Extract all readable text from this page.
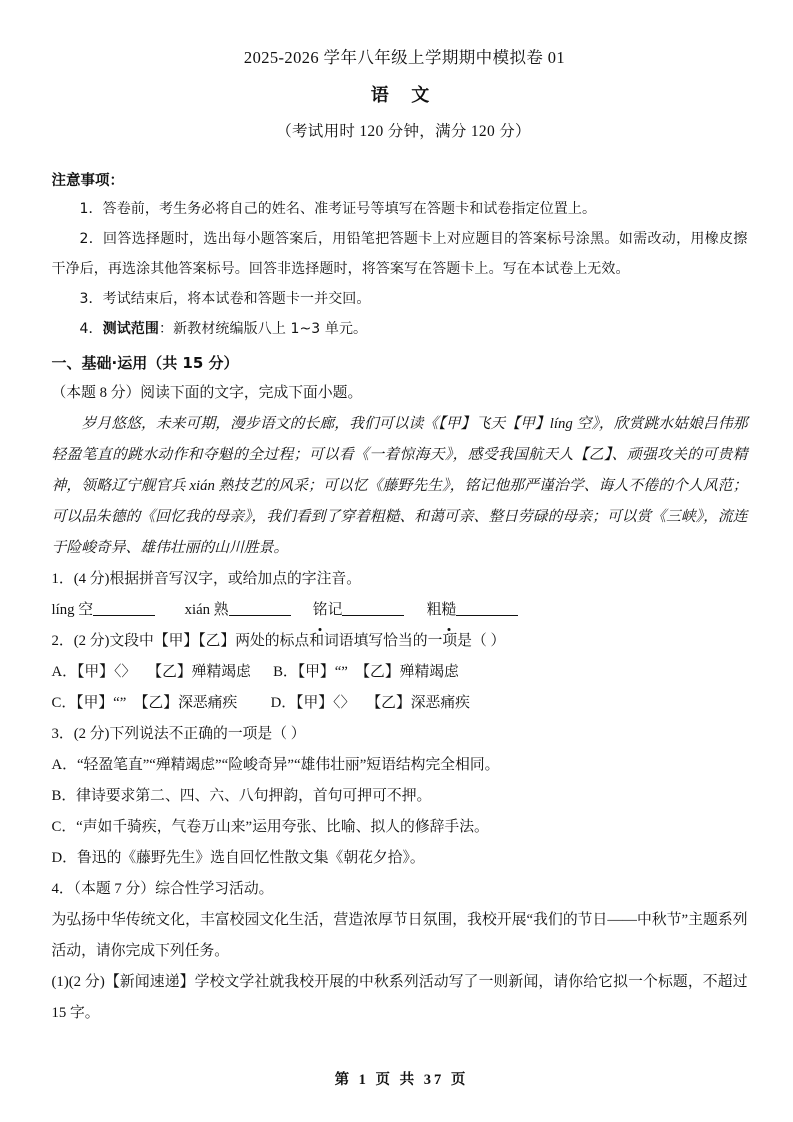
2025-2026 学年八年级上学期期中模拟卷 01
语 文
（考试用时 120 分钟，满分 120 分）
注意事项：
1．答卷前，考生务必将自己的姓名、准考证号等填写在答题卡和试卷指定位置上。
2．回答选择题时，选出每小题答案后，用铅笔把答题卡上对应题目的答案标号涂黑。如需改动，用橡皮擦干净后，再选涂其他答案标号。回答非选择题时，将答案写在答题卡上。写在本试卷上无效。
3．考试结束后，将本试卷和答题卡一并交回。
4．测试范围：新教材统编版八上 1~3 单元。
一、基础·运用（共 15 分）
（本题 8 分）阅读下面的文字，完成下面小题。
岁月悠悠，未来可期，漫步语文的长廊，我们可以读《【甲】飞天【甲】líng 空》，欣赏跳水姑娘吕伟那轻盈笔直的跳水动作和夺魁的全过程；可以看《一着惊海天》，感受我国航天人【乙】、顽强攻关的可贵精神，领略辽宁舰官兵 xián 熟技艺的风采；可以忆《藤野先生》，铭记他那严谨治学、诲人不倦的个人风范；可以品朱德的《回忆我的母亲》，我们看到了穿着粗糙、和蔼可亲、整日劳碌的母亲；可以赏《三峡》，流连于险峻奇异、雄伟壮丽的山川胜景。
1．(4 分)根据拼音写汉字，或给加点的字注音。
líng 空	xián 熟	铭记	粗糙
2．(2 分)文段中【甲】【乙】两处的标点和词语填写恰当的一项是（ ）
A．【甲】〈〉   【乙】殚精竭虑 B．【甲】“”  【乙】殚精竭虑
C．【甲】“”  【乙】深恶痛疾 D．【甲】〈〉   【乙】深恶痛疾
3．(2 分)下列说法不正确的一项是（ ）
A．“轻盈笔直”“殚精竭虑”“险峻奇异”“雄伟壮丽”短语结构完全相同。
B．律诗要求第二、四、六、八句押韵，首句可押可不押。
C．“声如千骑疾，气卷万山来”运用夸张、比喻、拟人的修辞手法。
D．鲁迅的《藤野先生》选自回忆性散文集《朝花夕拾》。
4．（本题 7 分）综合性学习活动。
为弘扬中华传统文化，丰富校园文化生活，营造浓厚节日氛围，我校开展“我们的节日——中秋节”主题系列活动，请你完成下列任务。
(1)(2 分)【新闻速递】学校文学社就我校开展的中秋系列活动写了一则新闻，请你给它拟一个标题，不超过 15 字。
第 1 页 共 37 页
